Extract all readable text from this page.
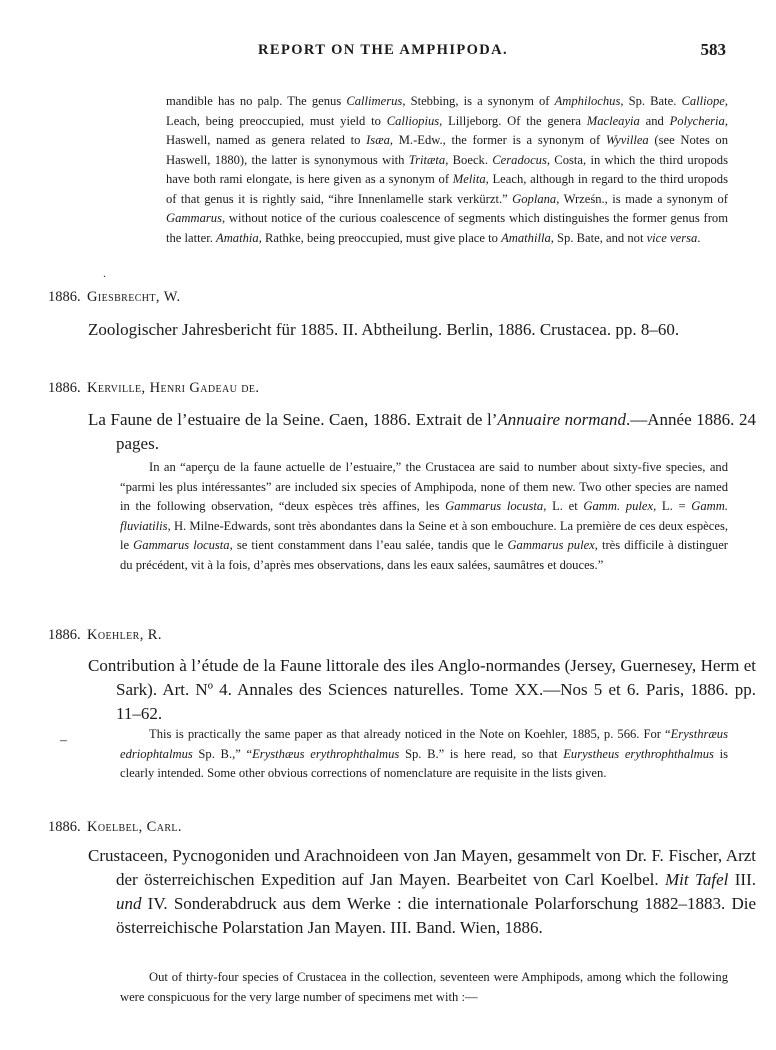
REPORT ON THE AMPHIPODA.	583
mandible has no palp. The genus Callimerus, Stebbing, is a synonym of Amphilochus, Sp. Bate. Calliope, Leach, being preoccupied, must yield to Calliopius, Lilljeborg. Of the genera Macleayia and Polycheria, Haswell, named as genera related to Isæa, M.-Edw., the former is a synonym of Wyvillea (see Notes on Haswell, 1880), the latter is synonymous with Tritæta, Boeck. Ceradocus, Costa, in which the third uropods have both rami elongate, is here given as a synonym of Melita, Leach, although in regard to the third uropods of that genus it is rightly said, “ihre Innenlamelle stark verkürzt.” Goplana, Wrześn., is made a synonym of Gammarus, without notice of the curious coalescence of segments which distinguishes the former genus from the latter. Amathia, Rathke, being preoccupied, must give place to Amathilla, Sp. Bate, and not vice versa.
.
1886. Giesbrecht, W.
Zoologischer Jahresbericht für 1885. II. Abtheilung. Berlin, 1886. Crustacea. pp. 8–60.
1886. Kerville, Henri Gadeau de.
La Faune de l’estuaire de la Seine. Caen, 1886. Extrait de l’Annuaire normand.—Année 1886. 24 pages.
In an “aperçu de la faune actuelle de l’estuaire,” the Crustacea are said to number about sixty-five species, and “parmi les plus intéressantes” are included six species of Amphipoda, none of them new. Two other species are named in the following observation, “deux espèces très affines, les Gammarus locusta, L. et Gamm. pulex, L. = Gamm. fluviatilis, H. Milne-Edwards, sont très abondantes dans la Seine et à son embouchure. La première de ces deux espèces, le Gammarus locusta, se tient constamment dans l’eau salée, tandis que le Gammarus pulex, très difficile à distinguer du précédent, vit à la fois, d’après mes observations, dans les eaux salées, saumâtres et douces.”
1886. Koehler, R.
Contribution à l’étude de la Faune littorale des iles Anglo-normandes (Jersey, Guernesey, Herm et Sark). Art. Nº 4. Annales des Sciences naturelles. Tome XX.—Nos 5 et 6. Paris, 1886. pp. 11–62.
–	This is practically the same paper as that already noticed in the Note on Koehler, 1885, p. 566. For “Erysthræus edriophtalmus Sp. B.,” “Erysthæus erythrophthalmus Sp. B.” is here read, so that Eurystheus erythrophthalmus is clearly intended. Some other obvious corrections of nomenclature are requisite in the lists given.
1886. Koelbel, Carl.
Crustaceen, Pycnogoniden und Arachnoideen von Jan Mayen, gesammelt von Dr. F. Fischer, Arzt der österreichischen Expedition auf Jan Mayen. Bearbeitet von Carl Koelbel. Mit Tafel III. und IV. Sonderabdruck aus dem Werke : die internationale Polarforschung 1882–1883. Die österreichische Polarstation Jan Mayen. III. Band. Wien, 1886.
Out of thirty-four species of Crustacea in the collection, seventeen were Amphipods, among which the following were conspicuous for the very large number of specimens met with :—
